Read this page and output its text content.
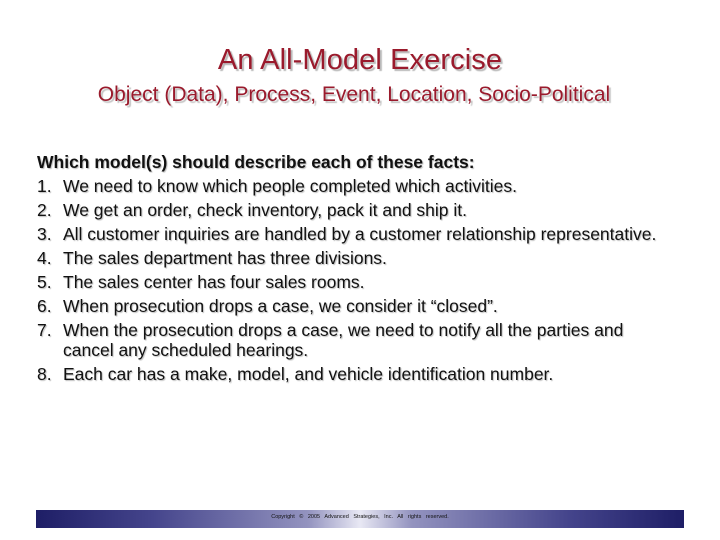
An All-Model Exercise
Object (Data), Process, Event, Location, Socio-Political

Which model(s) should describe each of these facts:

1. We need to know which people completed which activities.
2. We get an order, check inventory, pack it and ship it.
3. All customer inquiries are handled by a customer relationship representative.
4. The sales department has three divisions.
5. The sales center has four sales rooms.
6. When prosecution drops a case, we consider it “closed”.
7. When the prosecution drops a case, we need to notify all the parties and cancel any scheduled hearings.
8. Each car has a make, model, and vehicle identification number.
Copyright © 2005 Advanced Strategies, Inc. All rights reserved.
